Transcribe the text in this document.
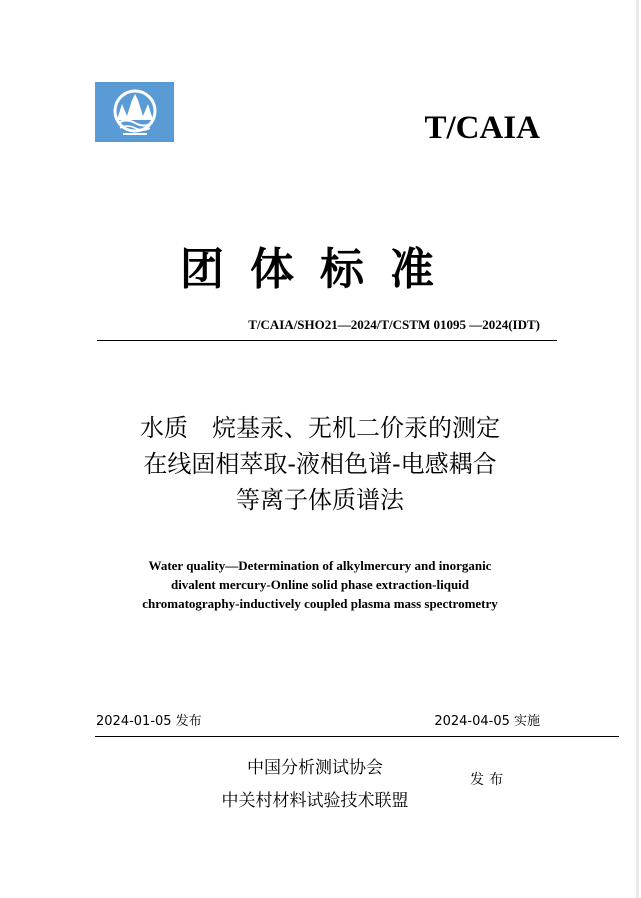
T/CAIA
团体标准
T/CAIA/SHO21—2024/T/CSTM 01095 —2024(IDT)
水质　烷基汞、无机二价汞的测定
在线固相萃取-液相色谱-电感耦合
等离子体质谱法
Water quality—Determination of alkylmercury and inorganic
divalent mercury-Online solid phase extraction-liquid
chromatography-inductively coupled plasma mass spectrometry
2024-01-05 发布	2024-04-05 实施
中国分析测试协会
中关村材料试验技术联盟
发布
